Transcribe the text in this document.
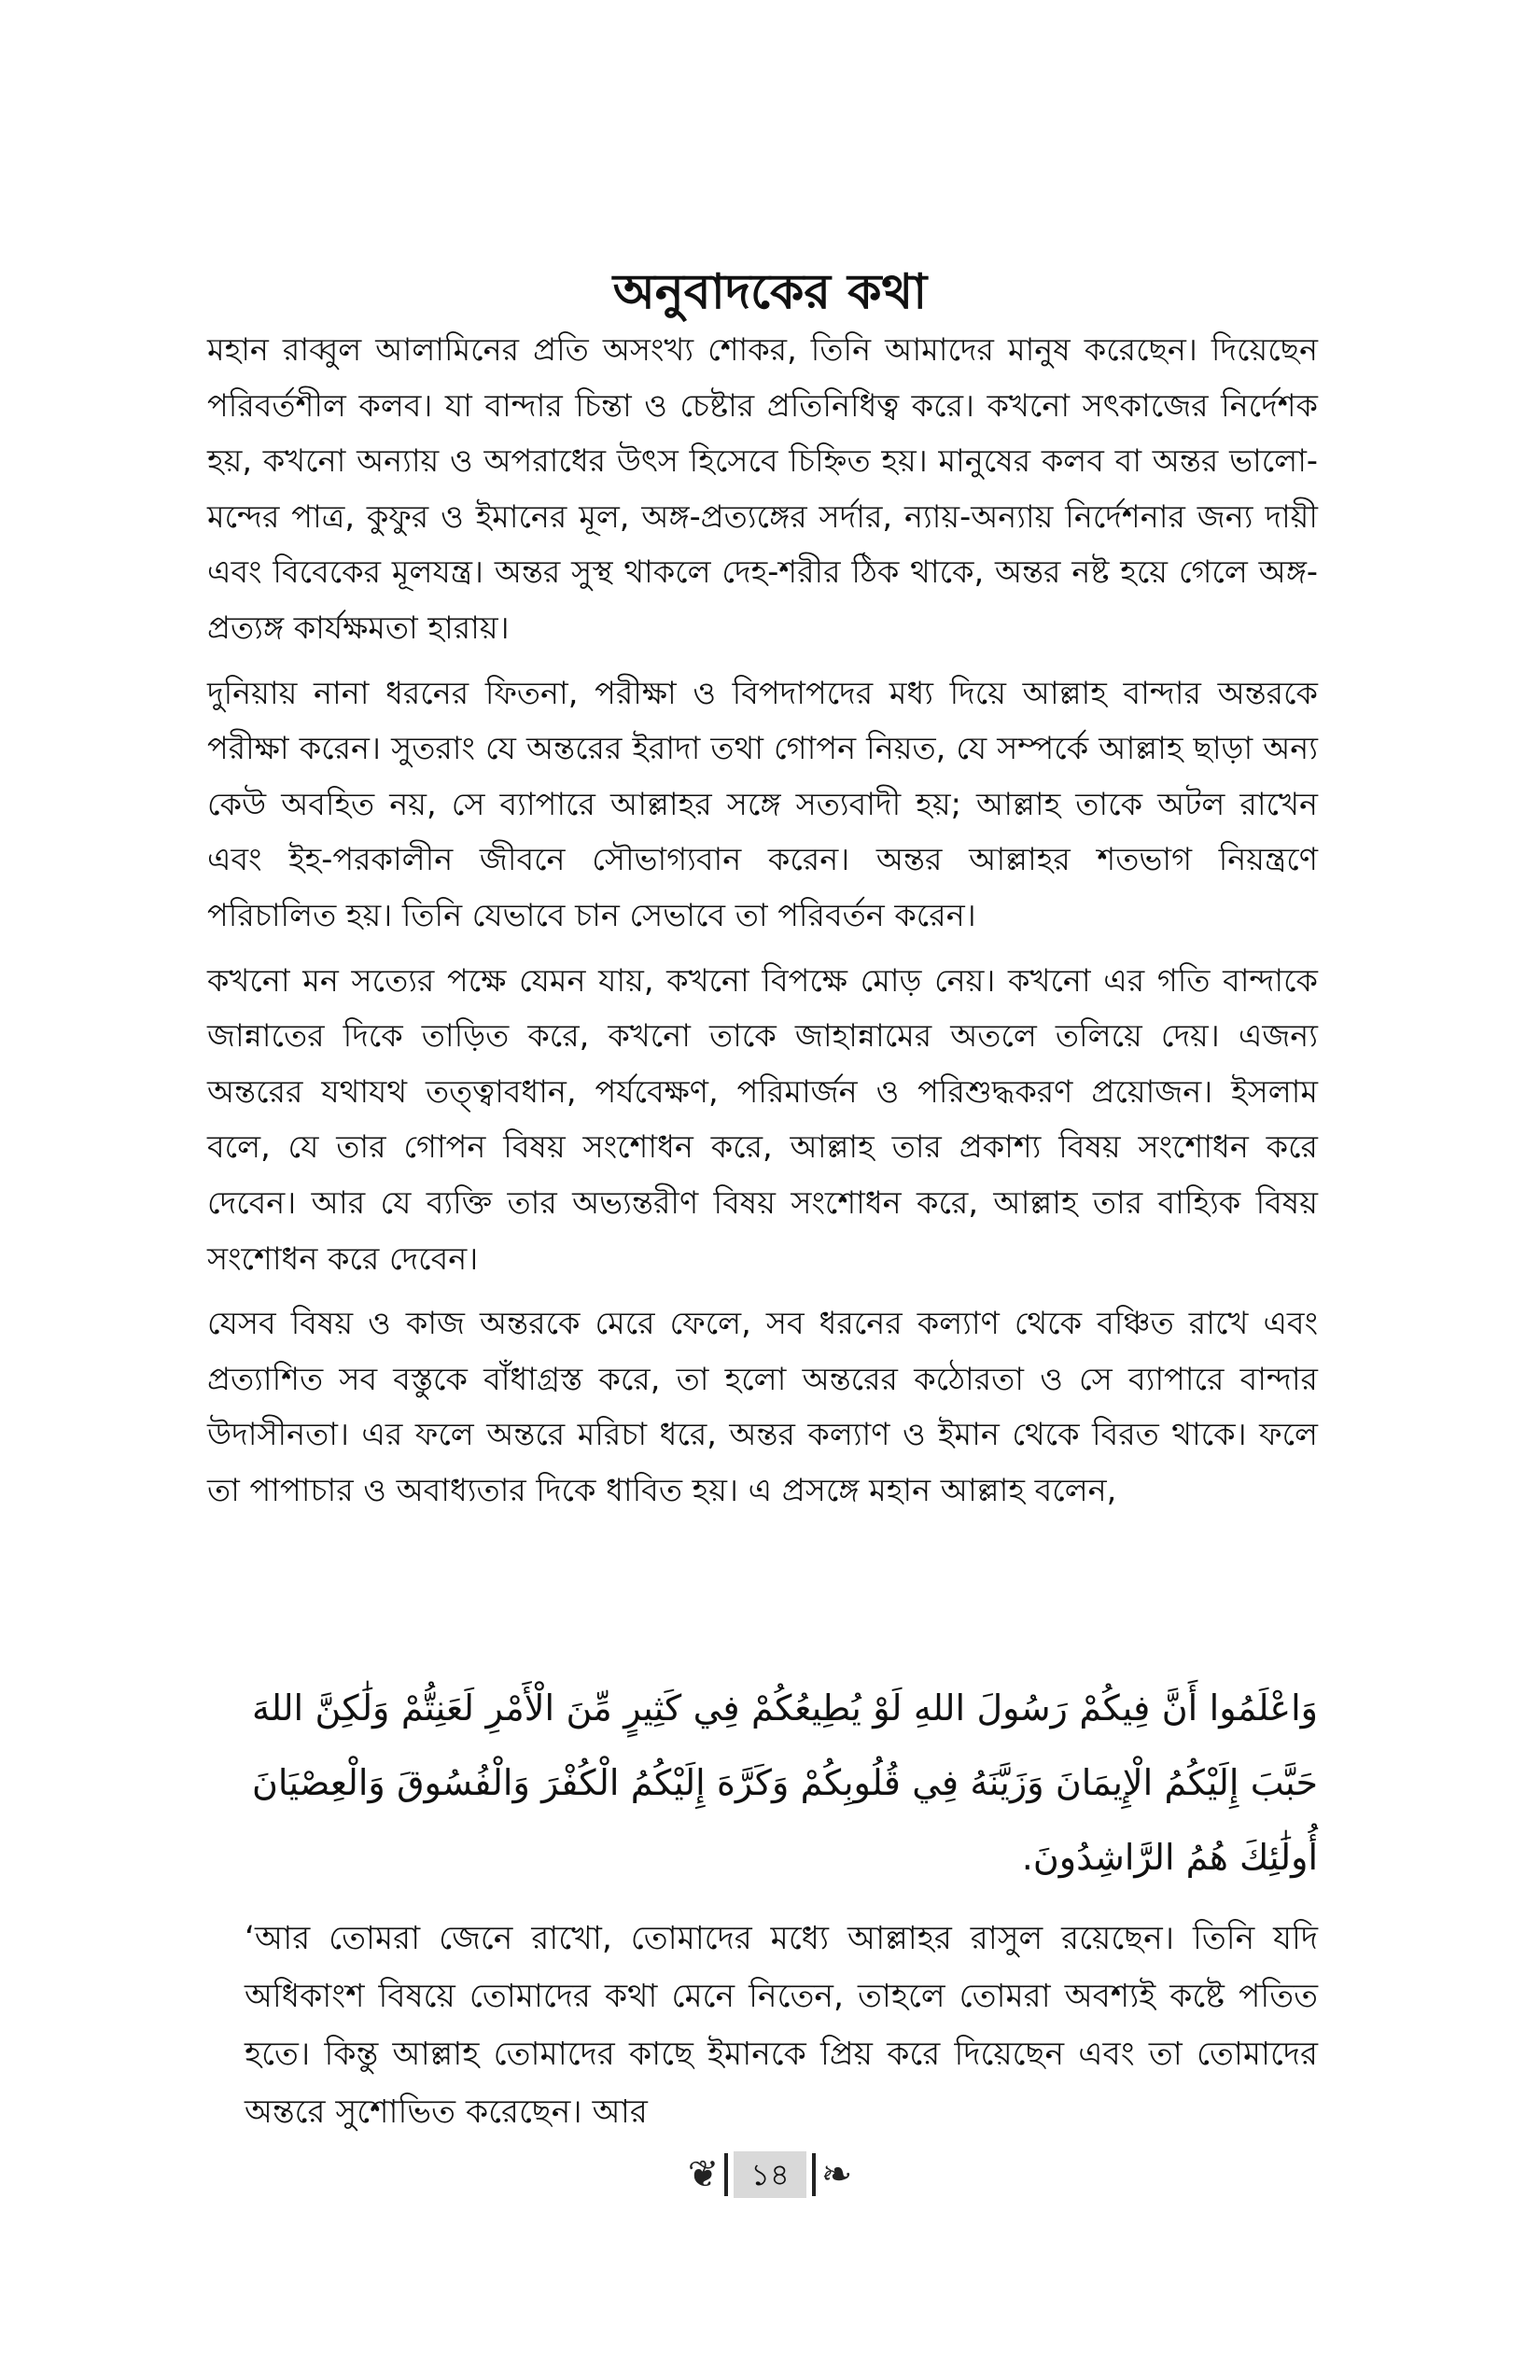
অনুবাদকের কথা

মহান রাব্বুল আলামিনের প্রতি অসংখ্য শোকর, তিনি আমাদের মানুষ করেছেন। দিয়েছেন পরিবর্তশীল কলব। যা বান্দার চিন্তা ও চেষ্টার প্রতিনিধিত্ব করে। কখনো সৎকাজের নির্দেশক হয়, কখনো অন্যায় ও অপরাধের উৎস হিসেবে চিহ্নিত হয়। মানুষের কলব বা অন্তর ভালো-মন্দের পাত্র, কুফুর ও ইমানের মূল, অঙ্গ-প্রত্যঙ্গের সর্দার, ন্যায়-অন্যায় নির্দেশনার জন্য দায়ী এবং বিবেকের মূলযন্ত্র। অন্তর সুস্থ থাকলে দেহ-শরীর ঠিক থাকে, অন্তর নষ্ট হয়ে গেলে অঙ্গ-প্রত্যঙ্গ কার্যক্ষমতা হারায়।

দুনিয়ায় নানা ধরনের ফিতনা, পরীক্ষা ও বিপদাপদের মধ্য দিয়ে আল্লাহ বান্দার অন্তরকে পরীক্ষা করেন। সুতরাং যে অন্তরের ইরাদা তথা গোপন নিয়ত, যে সম্পর্কে আল্লাহ ছাড়া অন্য কেউ অবহিত নয়, সে ব্যাপারে আল্লাহর সঙ্গে সত্যবাদী হয়; আল্লাহ তাকে অটল রাখেন এবং ইহ-পরকালীন জীবনে সৌভাগ্যবান করেন। অন্তর আল্লাহর শতভাগ নিয়ন্ত্রণে পরিচালিত হয়। তিনি যেভাবে চান সেভাবে তা পরিবর্তন করেন।

কখনো মন সত্যের পক্ষে যেমন যায়, কখনো বিপক্ষে মোড় নেয়। কখনো এর গতি বান্দাকে জান্নাতের দিকে তাড়িত করে, কখনো তাকে জাহান্নামের অতলে তলিয়ে দেয়। এজন্য অন্তরের যথাযথ তত্ত্বাবধান, পর্যবেক্ষণ, পরিমার্জন ও পরিশুদ্ধকরণ প্রয়োজন। ইসলাম বলে, যে তার গোপন বিষয় সংশোধন করে, আল্লাহ তার প্রকাশ্য বিষয় সংশোধন করে দেবেন। আর যে ব্যক্তি তার অভ্যন্তরীণ বিষয় সংশোধন করে, আল্লাহ তার বাহ্যিক বিষয় সংশোধন করে দেবেন।

যেসব বিষয় ও কাজ অন্তরকে মেরে ফেলে, সব ধরনের কল্যাণ থেকে বঞ্চিত রাখে এবং প্রত্যাশিত সব বস্তুকে বাঁধাগ্রস্ত করে, তা হলো অন্তরের কঠোরতা ও সে ব্যাপারে বান্দার উদাসীনতা। এর ফলে অন্তরে মরিচা ধরে, অন্তর কল্যাণ ও ইমান থেকে বিরত থাকে। ফলে তা পাপাচার ও অবাধ্যতার দিকে ধাবিত হয়। এ প্রসঙ্গে মহান আল্লাহ বলেন,

وَاعْلَمُوا أَنَّ فِيكُمْ رَسُولَ اللهِ لَوْ يُطِيعُكُمْ فِي كَثِيرٍ مِّنَ الْأَمْرِ لَعَنِتُّمْ وَلَٰكِنَّ اللهَ حَبَّبَ إِلَيْكُمُ الْإِيمَانَ وَزَيَّنَهُ فِي قُلُوبِكُمْ وَكَرَّهَ إِلَيْكُمُ الْكُفْرَ وَالْفُسُوقَ وَالْعِصْيَانَ أُولَٰئِكَ هُمُ الرَّاشِدُونَ.
‘আর তোমরা জেনে রাখো, তোমাদের মধ্যে আল্লাহর রাসুল রয়েছেন। তিনি যদি অধিকাংশ বিষয়ে তোমাদের কথা মেনে নিতেন, তাহলে তোমরা অবশ্যই কষ্টে পতিত হতে। কিন্তু আল্লাহ তোমাদের কাছে ইমানকে প্রিয় করে দিয়েছেন এবং তা তোমাদের অন্তরে সুশোভিত করেছেন। আর
❦	১৪ ❧
